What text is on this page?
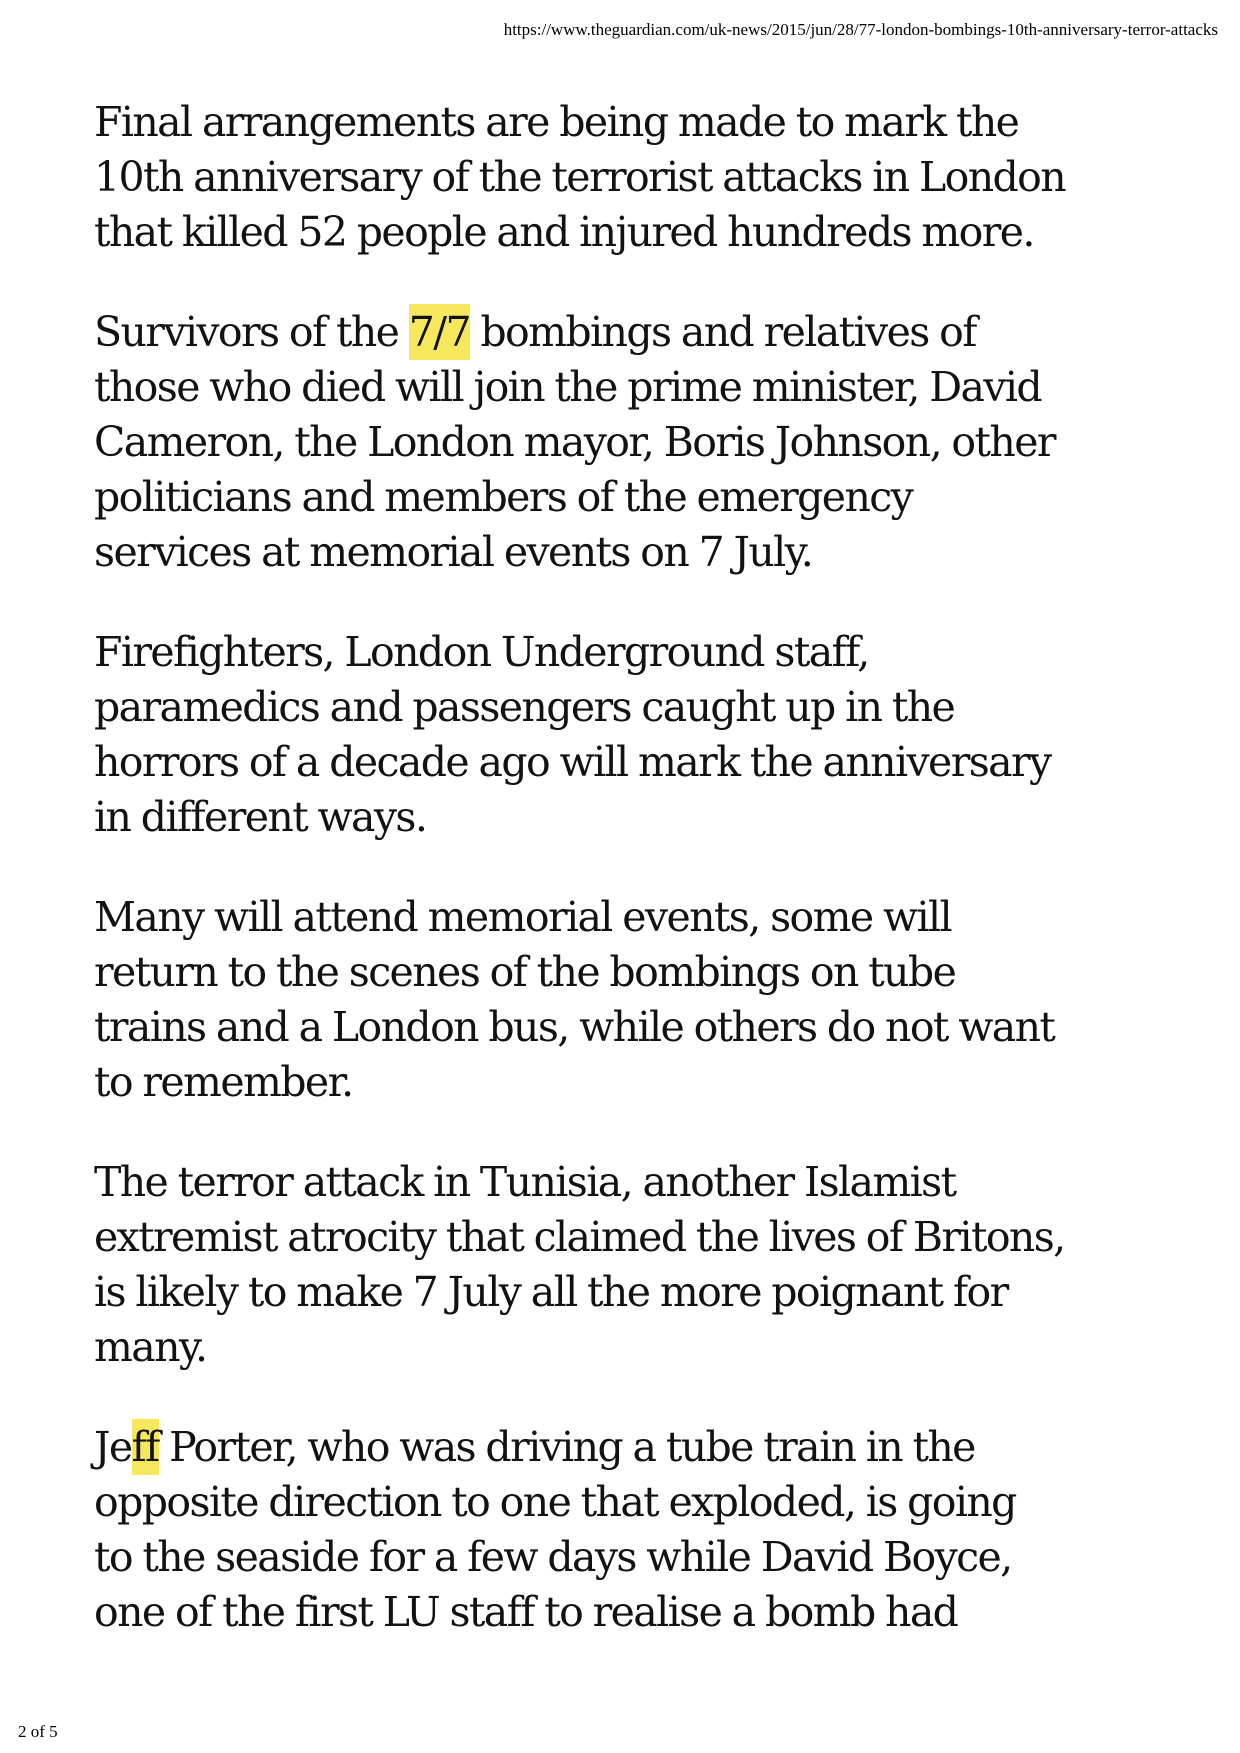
https://www.theguardian.com/uk-news/2015/jun/28/77-london-bombings-10th-anniversary-terror-attacks

Final arrangements are being made to mark the
10th anniversary of the terrorist attacks in London
that killed 52 people and injured hundreds more.

Survivors of the 7/7 bombings and relatives of
those who died will join the prime minister, David
Cameron, the London mayor, Boris Johnson, other
politicians and members of the emergency
services at memorial events on 7 July.

Firefighters, London Underground staff,
paramedics and passengers caught up in the
horrors of a decade ago will mark the anniversary
in different ways.

Many will attend memorial events, some will
return to the scenes of the bombings on tube
trains and a London bus, while others do not want
to remember.

The terror attack in Tunisia, another Islamist
extremist atrocity that claimed the lives of Britons,
is likely to make 7 July all the more poignant for
many.

Jeff Porter, who was driving a tube train in the
opposite direction to one that exploded, is going
to the seaside for a few days while David Boyce,
one of the first LU staff to realise a bomb had

2 of 5
